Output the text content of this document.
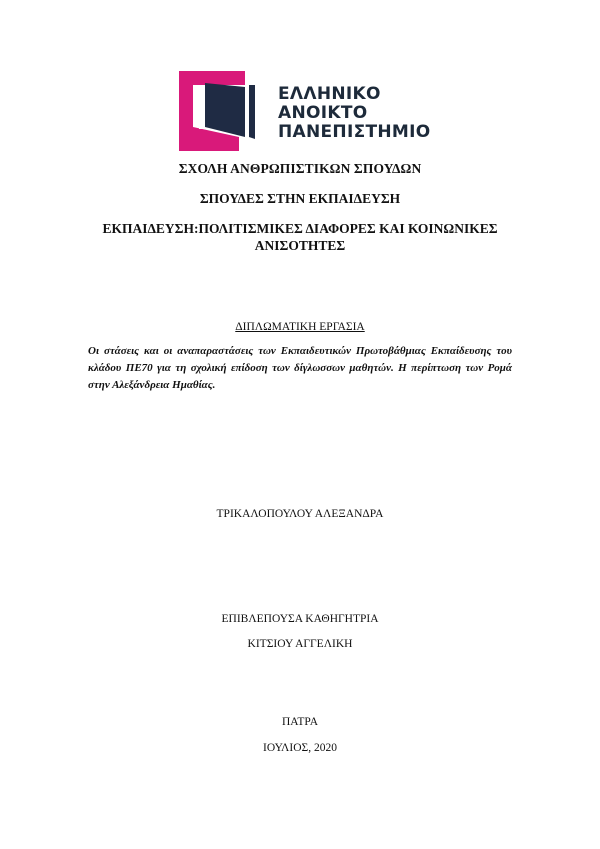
ΕΛΛΗΝΙΚΟ
ΑΝΟΙΚΤΟ
ΠΑΝΕΠΙΣΤΗΜΙΟ
ΣΧΟΛΗ ΑΝΘΡΩΠΙΣΤΙΚΩΝ ΣΠΟΥΔΩΝ
ΣΠΟΥΔΕΣ ΣΤΗΝ ΕΚΠΑΙΔΕΥΣΗ
ΕΚΠΑΙΔΕΥΣΗ:ΠΟΛΙΤΙΣΜΙΚΕΣ ΔΙΑΦΟΡΕΣ ΚΑΙ ΚΟΙΝΩΝΙΚΕΣ
ΑΝΙΣΟΤΗΤΕΣ
ΔΙΠΛΩΜΑΤΙΚΗ ΕΡΓΑΣΙΑ
Οι στάσεις και οι αναπαραστάσεις των Εκπαιδευτικών Πρωτοβάθμιας Εκπαίδευσης του κλάδου ΠΕ70 για τη σχολική επίδοση των δίγλωσσων μαθητών. Η περίπτωση των Ρομά στην Αλεξάνδρεια Ημαθίας.
ΤΡΙΚΑΛΟΠΟΥΛΟΥ ΑΛΕΞΑΝΔΡΑ
ΕΠΙΒΛΕΠΟΥΣΑ ΚΑΘΗΓΗΤΡΙΑ
ΚΙΤΣΙΟΥ ΑΓΓΕΛΙΚΗ
ΠΑΤΡΑ
ΙΟΥΛΙΟΣ, 2020
